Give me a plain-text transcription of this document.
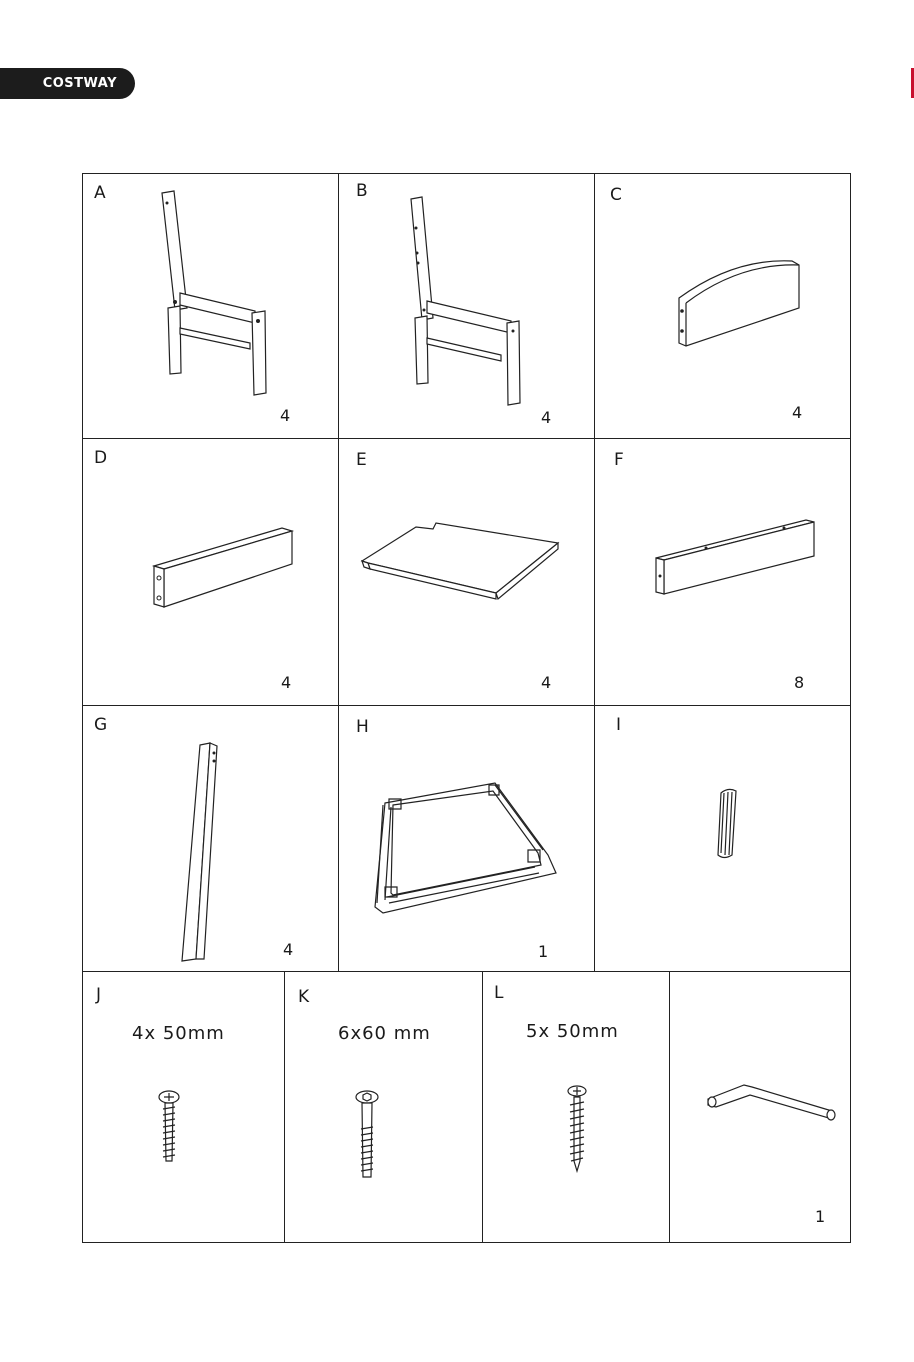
COSTWAY
A
4
B
4
C
4
D
4
E
4
F
8
G
4
H
1
I
J
4x 50mm
K
6x60 mm
L
5x 50mm
1
